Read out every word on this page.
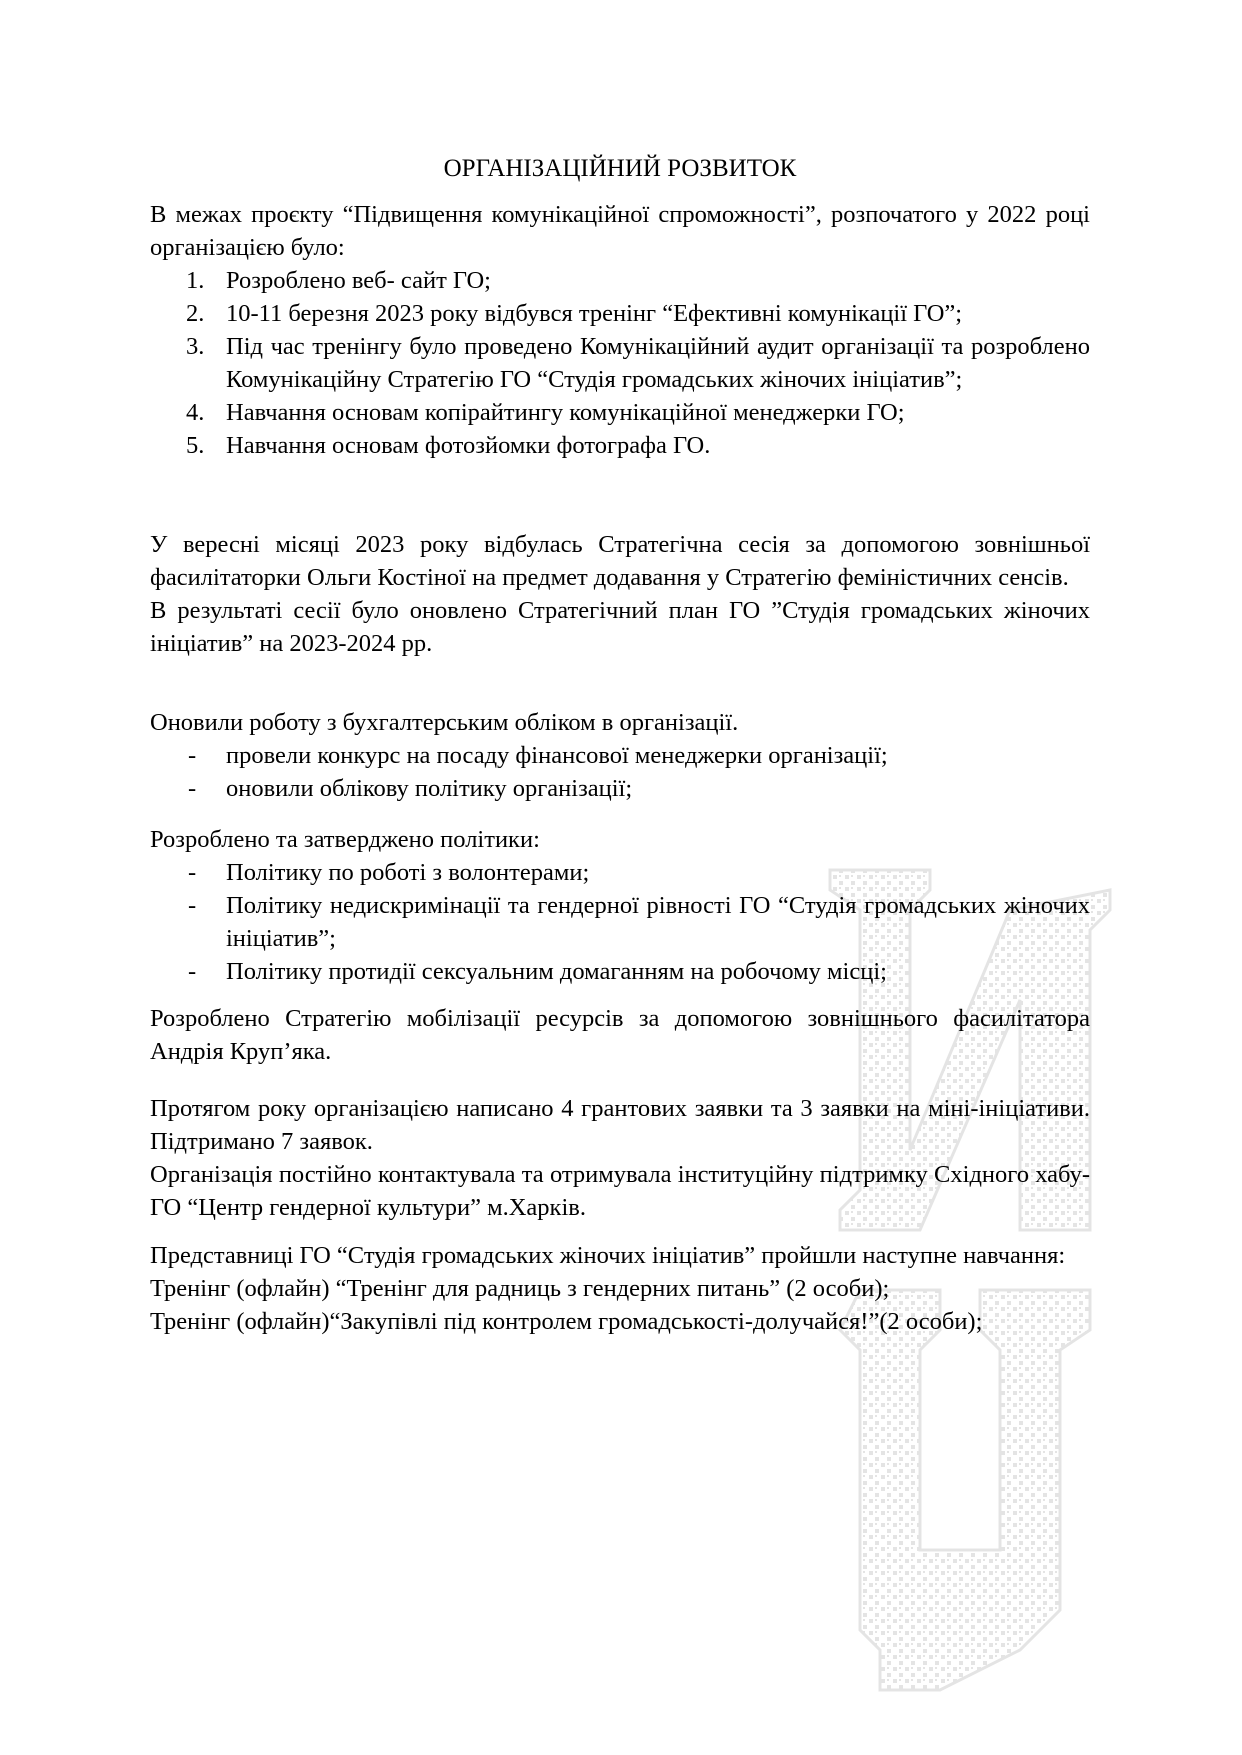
ОРГАНІЗАЦІЙНИЙ РОЗВИТОК

В межах проєкту “Підвищення комунікаційної спроможності”, розпочатого у 2022 році організацією було:

1. Розроблено веб- сайт ГО;
2. 10-11 березня 2023 року відбувся тренінг “Ефективні комунікації ГО”;
3. Під час тренінгу було проведено Комунікаційний аудит організації та розроблено Комунікаційну Стратегію ГО “Студія громадських жіночих ініціатив”;
4. Навчання основам копірайтингу комунікаційної менеджерки ГО;
5. Навчання основам фотозйомки фотографа ГО.

У вересні місяці 2023 року відбулась Стратегічна сесія за допомогою зовнішньої фасилітаторки Ольги Костіної на предмет додавання у Стратегію феміністичних сенсів.

В результаті сесії було оновлено Стратегічний план ГО ”Студія громадських жіночих ініціатив” на 2023-2024 рр.

Оновили роботу з бухгалтерським обліком в організації.

- провели конкурс на посаду фінансової менеджерки організації;
- оновили облікову політику організації;

Розроблено та затверджено політики:

- Політику по роботі з волонтерами;
- Політику недискримінації та гендерної рівності ГО “Студія громадських жіночих ініціатив”;
- Політику протидії сексуальним домаганням на робочому місці;

Розроблено Стратегію мобілізації ресурсів за допомогою зовнішнього фасилітатора Андрія Круп’яка.

Протягом року організацією написано 4 грантових заявки та 3 заявки на міні-ініціативи. Підтримано 7 заявок.

Організація постійно контактувала та отримувала інституційну підтримку Східного хабу- ГО “Центр гендерної культури” м.Харків.

Представниці ГО “Студія громадських жіночих ініціатив” пройшли наступне навчання:

Тренінг (офлайн) “Тренінг для радниць з гендерних питань” (2 особи);

Тренінг (офлайн)“Закупівлі під контролем громадськості-долучайся!”(2 особи);
